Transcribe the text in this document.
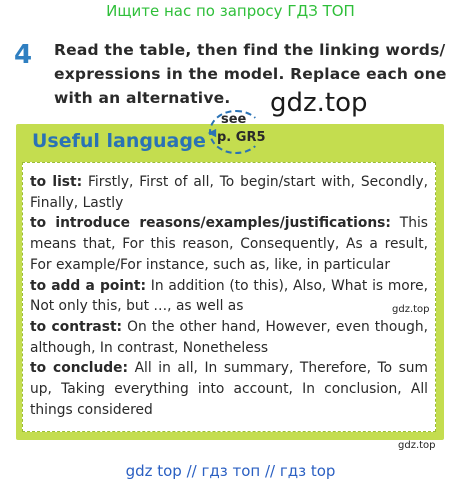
Ищите нас по запросу ГДЗ ТОП
4 Read the table, then find the linking words/ expressions in the model. Replace each one with an alternative.
Useful language ◄
see
p. GR5
gdz.top

to list: Firstly, First of all, To begin/start with, Secondly, Finally, Lastly

to introduce reasons/examples/justifications: This means that, For this reason, Consequently, As a result, For example/For instance, such as, like, in particular

to add a point: In addition (to this), Also, What is more, Not only this, but …, as well as

to contrast: On the other hand, However, even though, although, In contrast, Nonetheless

to conclude: All in all, In summary, Therefore, To sum up, Taking everything into account, In conclusion, All things considered

gdz.top
gdz.top
gdz top // гдз топ // гдз top
